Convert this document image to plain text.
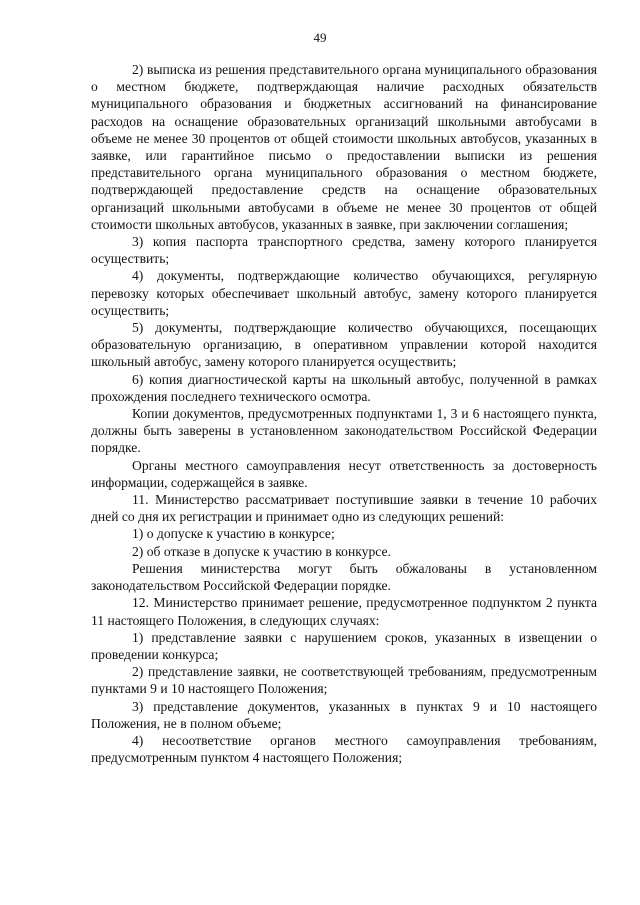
49

2) выписка из решения представительного органа муниципального образования о местном бюджете, подтверждающая наличие расходных обязательств муниципального образования и бюджетных ассигнований на финансирование расходов на оснащение образовательных организаций школьными автобусами в объеме не менее 30 процентов от общей стоимости школьных автобусов, указанных в заявке, или гарантийное письмо о предоставлении выписки из решения представительного органа муниципального образования о местном бюджете, подтверждающей предоставление средств на оснащение образовательных организаций школьными автобусами в объеме не менее 30 процентов от общей стоимости школьных автобусов, указанных в заявке, при заключении соглашения;

3) копия паспорта транспортного средства, замену которого планируется осуществить;

4) документы, подтверждающие количество обучающихся, регулярную перевозку которых обеспечивает школьный автобус, замену которого планируется осуществить;

5) документы, подтверждающие количество обучающихся, посещающих образовательную организацию, в оперативном управлении которой находится школьный автобус, замену которого планируется осуществить;

6) копия диагностической карты на школьный автобус, полученной в рамках прохождения последнего технического осмотра.

Копии документов, предусмотренных подпунктами 1, 3 и 6 настоящего пункта, должны быть заверены в установленном законодательством Российской Федерации порядке.

Органы местного самоуправления несут ответственность за достоверность информации, содержащейся в заявке.

11. Министерство рассматривает поступившие заявки в течение 10 рабочих дней со дня их регистрации и принимает одно из следующих решений:

1) о допуске к участию в конкурсе;

2) об отказе в допуске к участию в конкурсе.

Решения министерства могут быть обжалованы в установленном законодательством Российской Федерации порядке.

12. Министерство принимает решение, предусмотренное подпунктом 2 пункта 11 настоящего Положения, в следующих случаях:

1) представление заявки с нарушением сроков, указанных в извещении о проведении конкурса;

2) представление заявки, не соответствующей требованиям, предусмотренным пунктами 9 и 10 настоящего Положения;

3) представление документов, указанных в пунктах 9 и 10 настоящего Положения, не в полном объеме;

4) несоответствие органов местного самоуправления требованиям, предусмотренным пунктом 4 настоящего Положения;
